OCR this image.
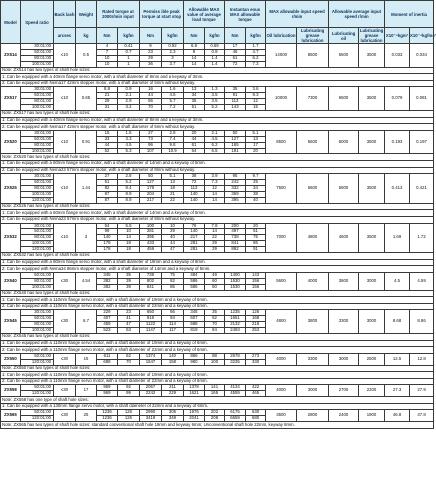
Model	Speed ratio	Back lash	Weight	Rated torque at 2000r/min input		Permiss ible peak torque at start stop		Allowable MAX value of average load torque		Instantan eous MAX allowable torque		MAX allowable input speed r/min		Allowable average input speed r/min		Moment of inertia	
		arcsec	kg	Nm	kgfm	Nm	kgfm	Nm	kgfm	Nm	kgfm	Oil lubrication	Lubricating grease lubrication	Lubricating oil	Lubricating grease lubrication	X10⁻⁴kgm²	X10⁻⁴kgfms²
ZX514	30:01:00	≤10	0.5	4	0.41	9	0.92	6.8	0.69	17	1.7	14000	8500	6500	3500	0.033	0.034
	50:01:00			7	0.7	23	2.3	9	0.9	46	4.7						
	80:01:00			10	1	29	3	14	1.4	61	6.2						
	100:01:00			10	1	36	3.7	14	1.4	72	7.3						
Note: ZX514 has two types of shaft hole sizes:																	
1: Can be equipped with a 40mm flange servo motor, with a shaft diameter of 8mm and a keyway of 3mm.																	
2: Can be equipped with Nema17 42mm stepper motor, with a shaft diameter of 5mm without keyway.																	
ZX517	30:01:00	≤10	0.65	8.8	0.9	16	1.6	13	1.3	35	3.6	10000	7300	6500	3500	0.079	0.081
	50:01:00			21	2.1	44	4.5	34	3.5	91	9.3						
	80:01:00			29	2.9	56	5.7	35	3.5	113	12						
	100:01:00			31	3.2	70	7.2	51	5.2	143	15						
Note: ZX517 has two types of shaft hole sizes:																	
1: Can be equipped with a 40mm flange servo motor, with a shaft diameter of 8mm and a keyway of 3mm.																	
2: Can be equipped with Nema17 42mm stepper motor, with a shaft diameter of 5mm without keyway.																	
ZX520	30:01:00	≤10	0.91	15	1.5	27	2.8	20	2.1	50	5.1	8500	5600	6000	3500	0.193	0.197
	50:01:00			33	3.3	73	7.4	44	4.5	127	13						
	80:01:00			44	4.5	96	9.8	61	6.2	165	17						
	100:01:00			52	5.3	107	10.9	64	6.5	191	20						
Note: ZX520 has two types of shaft hole sizes:																	
1: Can be equipped with a 60mm flange servo motor, with a shaft diameter of 14mm and a keyway of 5mm.																	
2: Can be equipped with Nema23 57mm stepper motor, with a shaft diameter of 8mm without keyway.																	
ZX525	30:01:00	≤10	1.44	27	2.8	50	5.1	38	3.9	95	9.7	7500	5600	5600	3500	0.413	0.421
	50:01:00			51	5.2	127	13	72	7.3	242	25						
	80:01:00			82	8.4	178	18	113	12	332	34						
	100:01:00			87	8.9	204	21	140	14	369	38						
	120:01:00			87	8.9	217	22	140	14	395	40						
Note: ZX525 has two types of shaft hole sizes:																	
1: Can be equipped with a 60mm flange servo motor, with a shaft diameter of 14mm and a keyway of 5mm.																	
2: Can be equipped with Nema23 57mm stepper motor, with a shaft diameter of 8mm without keyway.																	
ZX532	30:01:00	≤10	3	54	5.5	100	10	76	7.8	200	20	7000	4800	4600	3500	1.69	1.72
	50:01:00			99	10	281	29	140	14	497	51						
	80:01:00			140	14	395	40	217	22	738	75						
	100:01:00			178	18	433	44	281	29	841	86						
	120:01:00			178	18	459	47	281	29	892	91						
Note: ZX532 has two types of shaft hole sizes:																	
1: Can be equipped with a 80mm flange servo motor, with a shaft diameter of 19mm and a keyway of 6mm.																	
2: Can be equipped with Nema34 86mm stepper motor, with a shaft diameter of 14mm and a keyway of 5mm.																	
ZX540	50:01:00	≤30	4.54	345	35	738	75	484	49	1400	143	5600	4000	3600	3000	4.5	4.59
	80:01:00			382	39	802	82	586	60	1530	156						
	100:01:00			382	39	841	86	586	60	1530	156						
Note: ZX540 has two types of shaft hole sizes:																	
1: Can be equipped with a 110mm flange servo motor, with a shaft diameter of 19mm and a keyway of 6mm.																	
2: Can be equipped with a 110mm flange servo motor, with a shaft diameter of 22mm and a keyway of 6mm.																	
ZX545	30:01:00	≤30	6.7	229	23	650	66	345	35	1235	126	4800	3800	3300	3000	8.68	8.86
	50:01:00			407	41	918	94	607	62	1651	168						
	80:01:00			459	47	1122	114	688	70	2132	218						
	100:01:00			523	53	1147	117	819	84	2493	253						
Note: ZX545 has two types of shaft hole sizes:																	
1: Can be equipped with a 110mm flange servo motor, with a shaft diameter of 19mm and a keyway of 6mm.																	
2: Can be equipped with a 110mm flange servo motor, with a shaft diameter of 22mm and a keyway of 6mm.																	
ZX550	50:01:00	≤30	15	611	62	1374	140	866	88	2678	273	4000	3300	3000	2500	12.5	12.8
	120:01:00			688	70	1547	158	980	100	3235	330						
Note: ZX550 has two types of shaft hole sizes:																	
1: Can be equipped with a 110mm flange servo motor, with a shaft diameter of 19mm and a keyway of 6mm.																	
2: Can be equipped with a 110mm flange servo motor, with a shaft diameter of 22mm and a keyway of 6mm.																	
ZX558	50:01:00	≤30	17	969	92	2067	211	1378	141	4134	422	4000	3000	2700	2200	27.3	27.9
	120:01:00			969	99	2242	229	1621	165	4559	465						
Note: ZX558 has one type of shaft hole sizes:																	
1: Can be equipped with a 130mm flange servo motor, with a shaft diameter of 22mm and a keyway of 6mm.																	
ZX565	50:01:00	≤30	25	1236	126	2990	305	1976	202	6175	630	3500	2800	2400	1900	46.8	47.8
	120:01:00			1236	126	3419	349	2041	208	6659	680						
Note: ZX565 has two types of shaft hole sizes: standard conventional shaft hole 19mm and keyway 6mm; Unconventional shaft hole 22mm, keyway 8mm.																	
